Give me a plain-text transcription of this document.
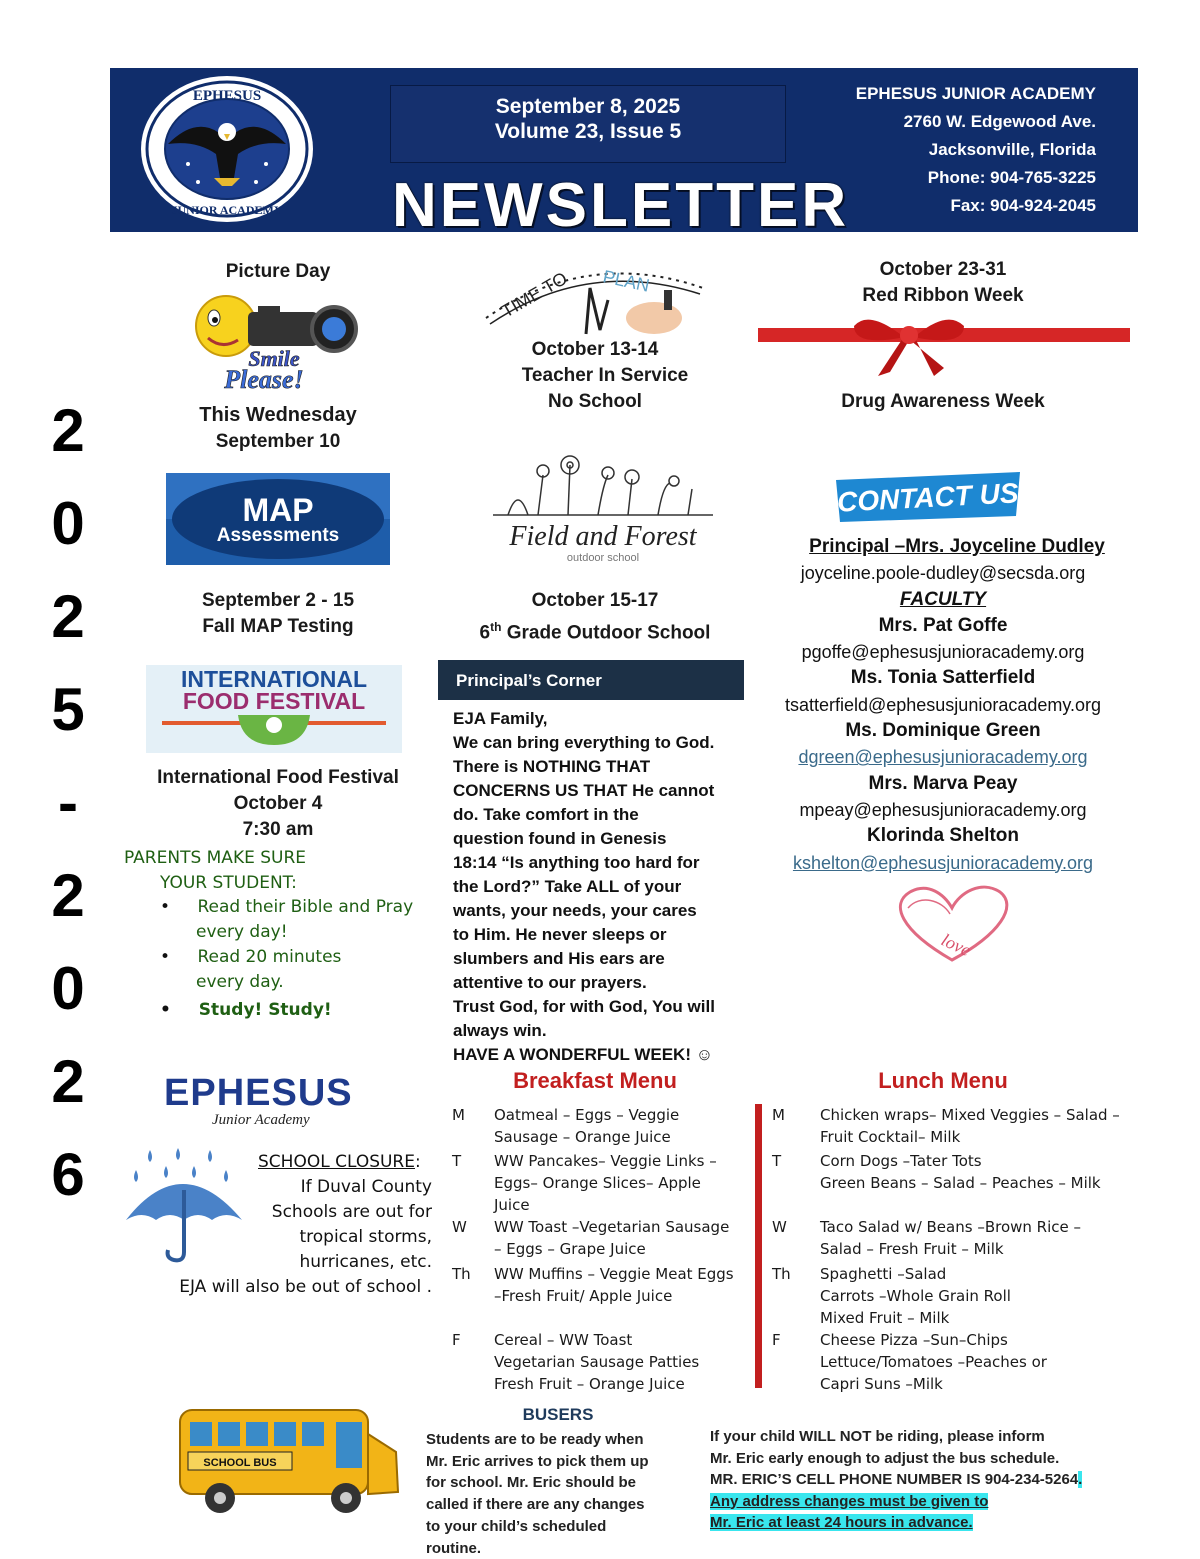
EPHESUS
JUNIOR ACADEMY
September 8, 2025
Volume 23, Issue 5
NEWSLETTER
EPHESUS JUNIOR ACADEMY
2760 W. Edgewood Ave.
Jacksonville, Florida
Phone: 904-765-3225
Fax: 904-924-2045
2
0
2
5
-
2
0
2
6
Picture Day
Smile
Please!
This Wednesday
September 10
TIME TO PLAN
October 13-14
Teacher In Service
No School
October 23-31
Red Ribbon Week
Drug Awareness Week
MAP
Assessments
September 2 - 15
Fall MAP Testing
Field and Forest
outdoor school
October 15-17
6th Grade Outdoor School
CONTACT US
Principal –Mrs. Joyceline Dudley
joyceline.poole-dudley@secsda.org
FACULTY
Mrs. Pat Goffe
pgoffe@ephesusjunioracademy.org
Ms. Tonia Satterfield
tsatterfield@ephesusjunioracademy.org
Ms. Dominique Green
dgreen@ephesusjunioracademy.org
Mrs. Marva Peay
mpeay@ephesusjunioracademy.org
Klorinda Shelton
kshelton@ephesusjunioracademy.org
love
INTERNATIONAL
FOOD FESTIVAL
International Food Festival
October 4
7:30 am
PARENTS MAKE SURE
YOUR STUDENT:
• Read their Bible and Pray
every day!
• Read 20 minutes
every day.
• Study! Study!
Principal’s Corner
EJA Family,
We can bring everything to God.
There is NOTHING THAT
CONCERNS US THAT He cannot
do. Take comfort in the
question found in Genesis
18:14 “Is anything too hard for
the Lord?” Take ALL of your
wants, your needs, your cares
to Him. He never sleeps or
slumbers and His ears are
attentive to our prayers.
Trust God, for with God, You will
always win.
HAVE A WONDERFUL WEEK! ☺
EPHESUS
Junior Academy
SCHOOL CLOSURE:
If Duval County
Schools are out for
tropical storms,
hurricanes, etc.
EJA will also be out of school .
Breakfast Menu
M	Oatmeal – Eggs – Veggie
Sausage – Orange Juice
T	WW Pancakes– Veggie Links –
Eggs– Orange Slices– Apple
Juice
W	WW Toast –Vegetarian Sausage
– Eggs – Grape Juice
Th	WW Muffins – Veggie Meat Eggs
–Fresh Fruit/ Apple Juice
F	Cereal – WW Toast
Vegetarian Sausage Patties
Fresh Fruit – Orange Juice
Lunch Menu
M	Chicken wraps– Mixed Veggies – Salad –
Fruit Cocktail– Milk
T	Corn Dogs –Tater Tots
Green Beans – Salad – Peaches – Milk
W	Taco Salad w/ Beans –Brown Rice –
Salad – Fresh Fruit – Milk
Th	Spaghetti –Salad
Carrots –Whole Grain Roll
Mixed Fruit – Milk
F	Cheese Pizza –Sun–Chips
Lettuce/Tomatoes –Peaches or
Capri Suns –Milk
SCHOOL BUS
BUSERS
Students are to be ready when
Mr. Eric arrives to pick them up
for school. Mr. Eric should be
called if there are any changes
to your child’s scheduled
routine.
If your child WILL NOT be riding, please inform
Mr. Eric early enough to adjust the bus schedule.
MR. ERIC’S CELL PHONE NUMBER IS 904-234-5264.
Any address changes must be given to
Mr. Eric at least 24 hours in advance.
